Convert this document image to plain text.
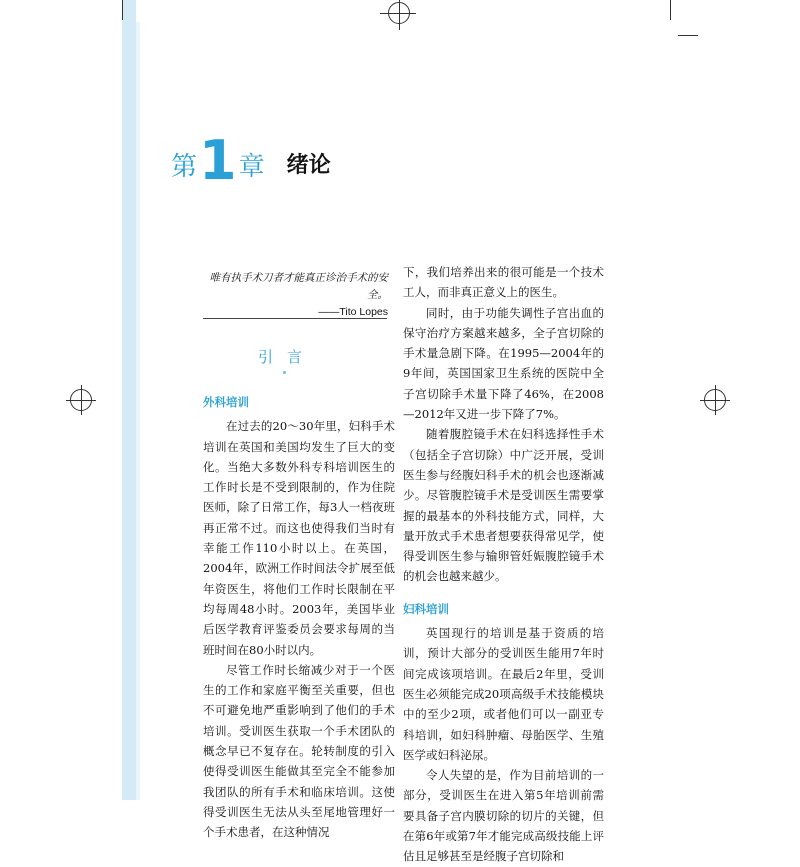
第 1 章 绪论
唯有执手术刀者才能真正诊治手术的安全。
——Tito Lopes
引言
外科培训

在过去的20～30年里，妇科手术培训在英国和美国均发生了巨大的变化。当绝大多数外科专科培训医生的工作时长是不受到限制的，作为住院医师，除了日常工作，每3人一档夜班再正常不过。而这也使得我们当时有幸能工作110小时以上。在英国，2004年，欧洲工作时间法令扩展至低年资医生，将他们工作时长限制在平均每周48小时。2003年，美国毕业后医学教育评鉴委员会要求每周的当班时间在80小时以内。

尽管工作时长缩减少对于一个医生的工作和家庭平衡至关重要，但也不可避免地严重影响到了他们的手术培训。受训医生获取一个手术团队的概念早已不复存在。轮转制度的引入使得受训医生能做其至完全不能参加我团队的所有手术和临床培训。这使得受训医生无法从头至尾地管理好一个手术患者，在这种情况

下，我们培养出来的很可能是一个技术工人，而非真正意义上的医生。

同时，由于功能失调性子宫出血的保守治疗方案越来越多，全子宫切除的手术量急剧下降。在1995—2004年的9年间，英国国家卫生系统的医院中全子宫切除手术量下降了46%，在2008—2012年又进一步下降了7%。

随着腹腔镜手术在妇科选择性手术（包括全子宫切除）中广泛开展，受训医生参与经腹妇科手术的机会也逐渐减少。尽管腹腔镜手术是受训医生需要掌握的最基本的外科技能方式，同样，大量开放式手术患者想要获得常见学，使得受训医生参与输卵管妊娠腹腔镜手术的机会也越来越少。

妇科培训

英国现行的培训是基于资质的培训，预计大部分的受训医生能用7年时间完成该项培训。在最后2年里，受训医生必须能完成20项高级手术技能模块中的至少2项，或者他们可以一副亚专科培训，如妇科肿瘤、母胎医学、生殖医学或妇科泌尿。

令人失望的是，作为目前培训的一部分，受训医生在进入第5年培训前需要具备子宫内膜切除的切片的关键，但在第6年或第7年才能完成高级技能上评估且足够甚至是经腹子宫切除和
